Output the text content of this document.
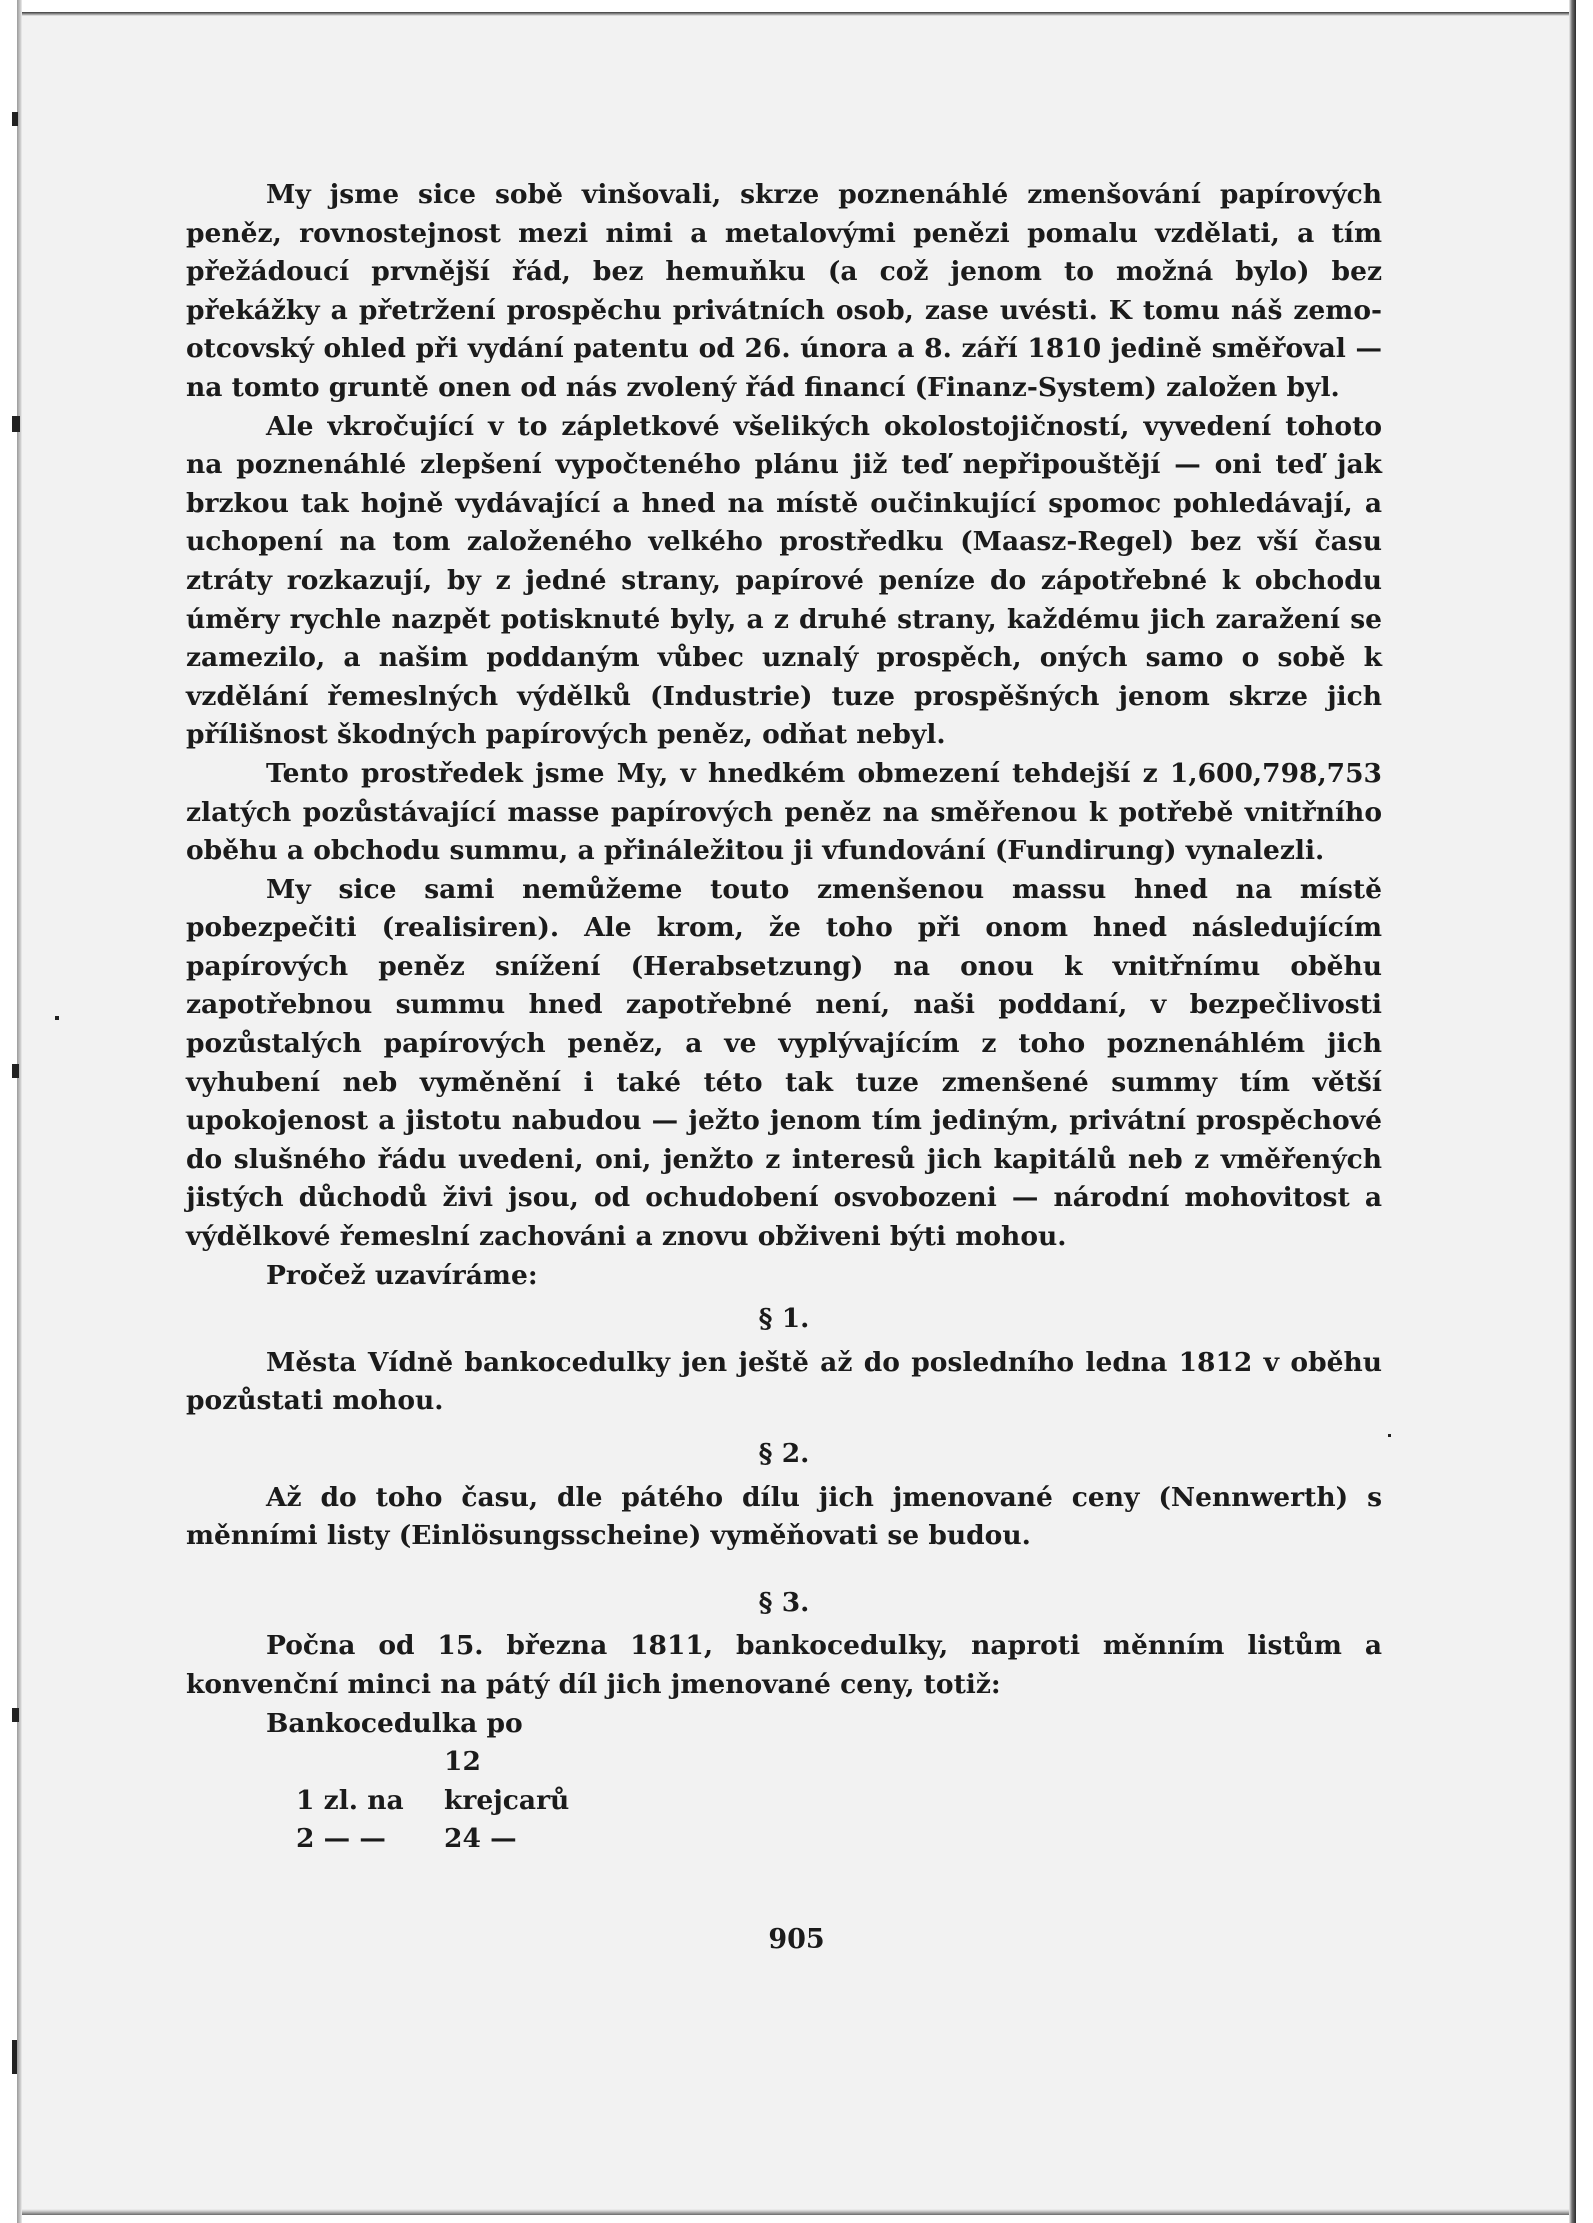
My jsme sice sobě vinšovali, skrze poznenáhlé zmenšování papírových peněz, rovnostejnost mezi nimi a metalovými penězi pomalu vzdělati, a tím přežádoucí prvnější řád, bez hemuňku (a což jenom to možná bylo) bez překážky a přetržení prospěchu privátních osob, zase uvésti. K tomu náš zemo-otcovský ohled při vydání patentu od 26. února a 8. září 1810 jedině směřoval — na tomto gruntě onen od nás zvolený řád financí (Finanz-System) založen byl.

Ale vkročující v to zápletkové všelikých okolostojičností, vyvedení tohoto na poznenáhlé zlepšení vypočteného plánu již teď nepřipouštějí — oni teď jak brzkou tak hojně vydávající a hned na místě oučinkující spomoc pohledávají, a uchopení na tom založeného velkého prostředku (Maasz-Regel) bez vší času ztráty rozkazují, by z jedné strany, papírové peníze do zápotřebné k obchodu úměry rychle nazpět potisknuté byly, a z druhé strany, každému jich zaražení se zamezilo, a našim poddaným vůbec uznalý prospěch, oných samo o sobě k vzdělání řemeslných výdělků (Industrie) tuze prospěšných jenom skrze jich přílišnost škodných papírových peněz, odňat nebyl.

Tento prostředek jsme My, v hnedkém obmezení tehdejší z 1,600,798,753 zlatých pozůstávající masse papírových peněz na směřenou k potřebě vnitřního oběhu a obchodu summu, a přináležitou ji vfundování (Fundirung) vynalezli.

My sice sami nemůžeme touto zmenšenou massu hned na místě pobezpečiti (realisiren). Ale krom, že toho při onom hned následujícím papírových peněz snížení (Herabsetzung) na onou k vnitřnímu oběhu zapotřebnou summu hned zapotřebné není, naši poddaní, v bezpečlivosti pozůstalých papírových peněz, a ve vyplývajícím z toho poznenáhlém jich vyhubení neb vyměnění i také této tak tuze zmenšené summy tím větší upokojenost a jistotu nabudou — ježto jenom tím jediným, privátní prospěchové do slušného řádu uvedeni, oni, jenžto z interesů jich kapitálů neb z vměřených jistých důchodů živi jsou, od ochudobení osvobozeni — národní mohovitost a výdělkové řemeslní zachováni a znovu obživeni býti mohou.

Pročež uzavíráme:

§ 1.

Města Vídně bankocedulky jen ještě až do posledního ledna 1812 v oběhu pozůstati mohou.

§ 2.

Až do toho času, dle pátého dílu jich jmenované ceny (Nennwerth) s měnními listy (Einlösungsscheine) vyměňovati se budou.

§ 3.

Počna od 15. března 1811, bankocedulky, naproti měnním listům a konvenční minci na pátý díl jich jmenované ceny, totiž:

Bankocedulka po

1 zl. na12 krejcarů

2 — — 24 —

905
